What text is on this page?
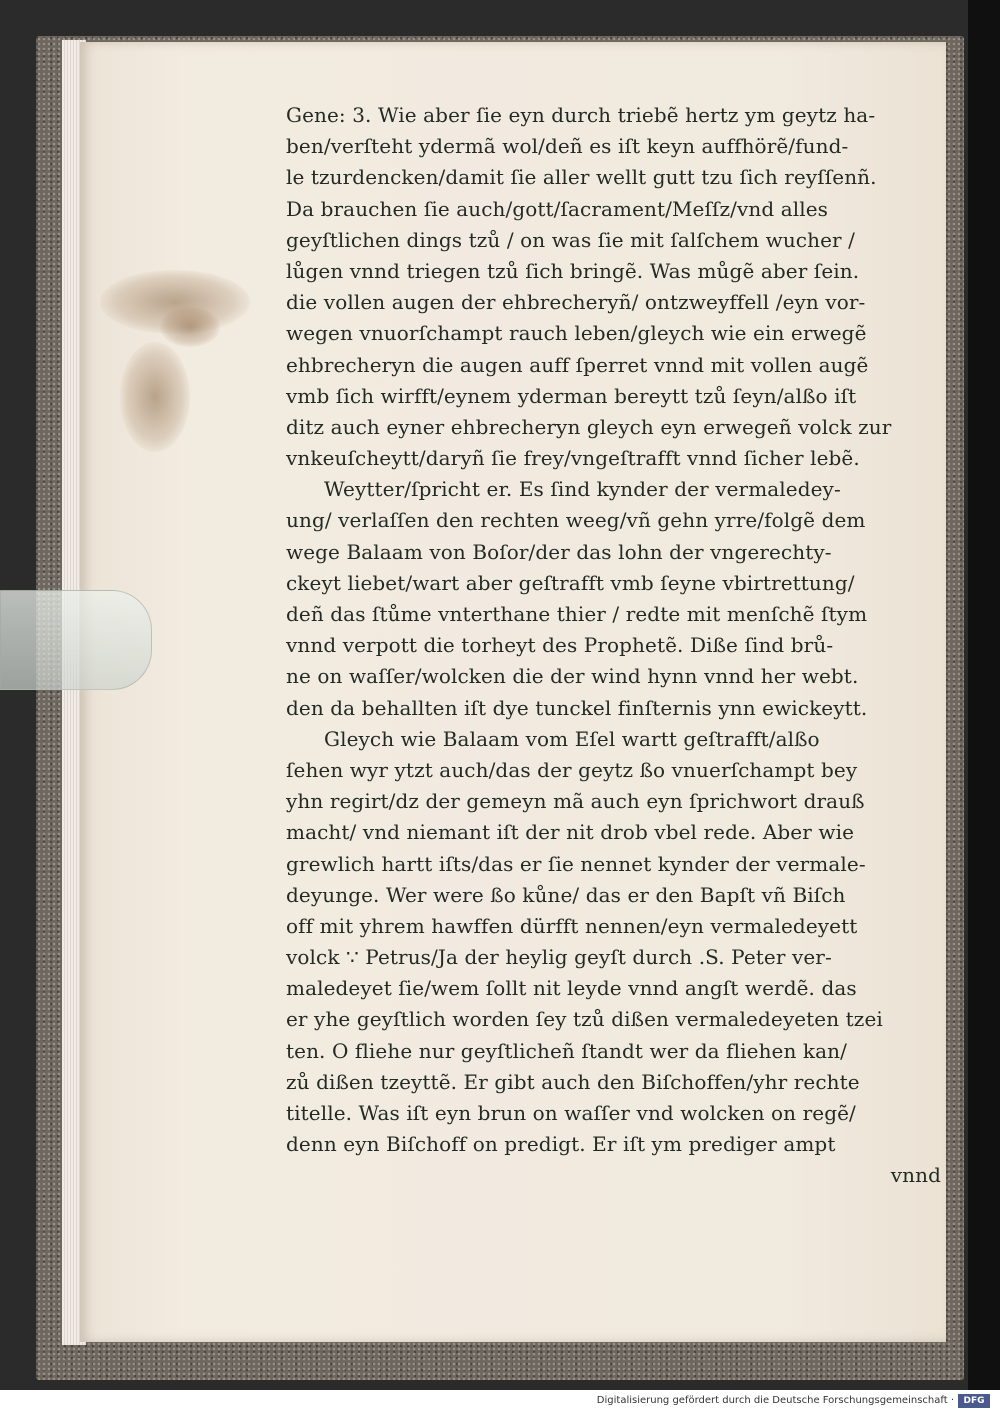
Gene: 3. Wie aber ſie eyn durch triebẽ hertz ym geytz ha-
ben/verſteht ydermã wol/deñ es iſt keyn auffhörẽ/fund-
le tzurdencken/damit ſie aller wellt gutt tzu ſich reyſſenñ.
Da brauchen ſie auch/gott/ſacrament/Meſſz/vnd alles
geyſtlichen dings tzů / on was ſie mit ſalſchem wucher /
lůgen vnnd triegen tzů ſich bringẽ. Was můgẽ aber ſein.
die vollen augen der ehbrecheryñ/ ontzweyffell /eyn vor-
wegen vnuorſchampt rauch leben/gleych wie ein erwegẽ
ehbrecheryn die augen auff ſperret vnnd mit vollen augẽ
vmb ſich wirfft/eynem yderman bereytt tzů ſeyn/alßo iſt
ditz auch eyner ehbrecheryn gleych eyn erwegeñ volck zur
vnkeuſcheytt/daryñ ſie frey/vngeſtrafft vnnd ſicher lebẽ.
Weytter/ſpricht er. Es ſind kynder der vermaledey-
ung/ verlaſſen den rechten weeg/vñ gehn yrre/folgẽ dem
wege Balaam von Boſor/der das lohn der vngerechty-
ckeyt liebet/wart aber geſtrafft vmb ſeyne vbirtrettung/
deñ das ſtůme vnterthane thier / redte mit menſchẽ ſtym
vnnd verpott die torheyt des Prophetẽ. Diße ſind brů-
ne on waſſer/wolcken die der wind hynn vnnd her webt.
den da behallten iſt dye tunckel finſternis ynn ewickeytt.
Gleych wie Balaam vom Eſel wartt geſtrafft/alßo
ſehen wyr ytzt auch/das der geytz ßo vnuerſchampt bey
yhn regirt/dz der gemeyn mã auch eyn ſprichwort drauß
macht/ vnd niemant iſt der nit drob vbel rede. Aber wie
grewlich hartt iſts/das er ſie nennet kynder der vermale-
deyunge. Wer were ßo kůne/ das er den Bapſt vñ Biſch
off mit yhrem hawffen dürfft nennen/eyn vermaledeyett
volck ∵ Petrus/Ja der heylig geyſt durch .S. Peter ver-
maledeyet ſie/wem ſollt nit leyde vnnd angſt werdẽ. das
er yhe geyſtlich worden ſey tzů dißen vermaledeyeten tzei
ten. O fliehe nur geyſtlicheñ ſtandt wer da fliehen kan/
zů dißen tzeyttẽ. Er gibt auch den Biſchoffen/yhr rechte
titelle. Was iſt eyn brun on waſſer vnd wolcken on regẽ/
denn eyn Biſchoff on predigt. Er iſt ym prediger ampt
vnnd
Digitalisierung gefördert durch die Deutsche Forschungsgemeinschaft ·	DFG
